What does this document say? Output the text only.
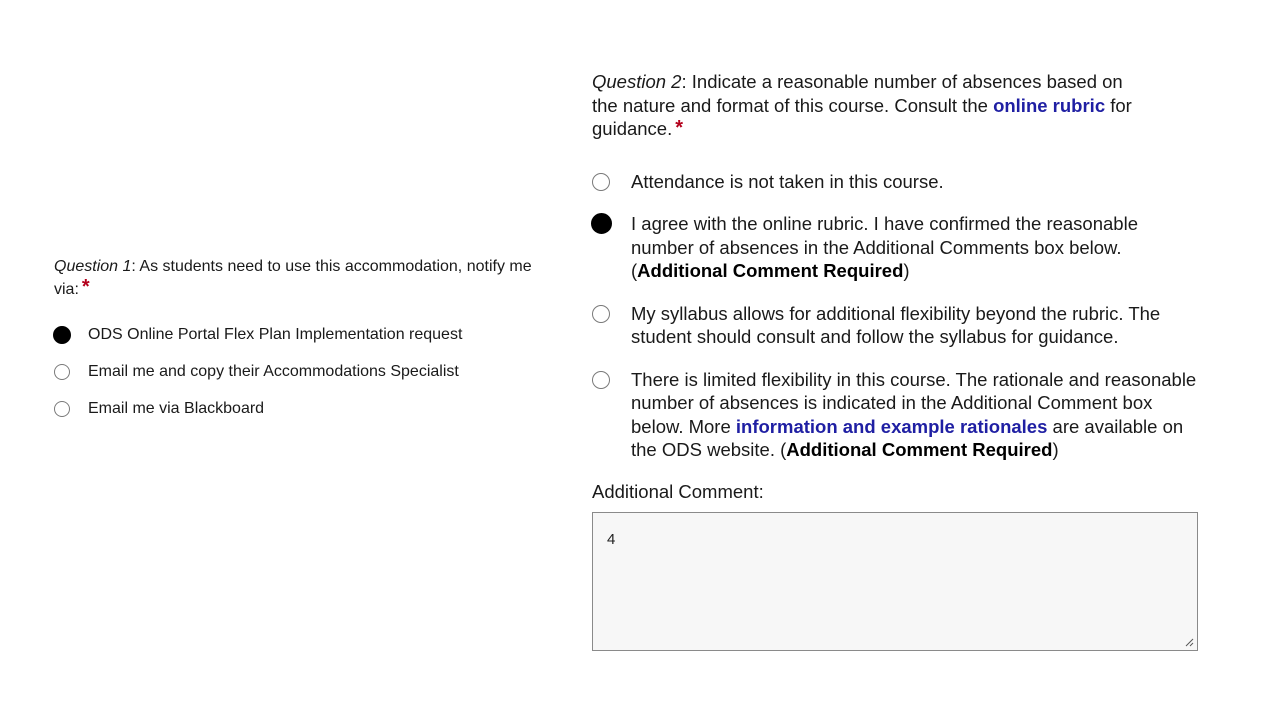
Question 1: As students need to use this accommodation, notify me via: *
ODS Online Portal Flex Plan Implementation request
Email me and copy their Accommodations Specialist
Email me via Blackboard
Question 2: Indicate a reasonable number of absences based on the nature and format of this course. Consult the online rubric for guidance. *
Attendance is not taken in this course.
I agree with the online rubric. I have confirmed the reasonable number of absences in the Additional Comments box below. (Additional Comment Required)
My syllabus allows for additional flexibility beyond the rubric. The student should consult and follow the syllabus for guidance.
There is limited flexibility in this course. The rationale and reasonable number of absences is indicated in the Additional Comment box below. More information and example rationales are available on the ODS website. (Additional Comment Required)
Additional Comment:
4
